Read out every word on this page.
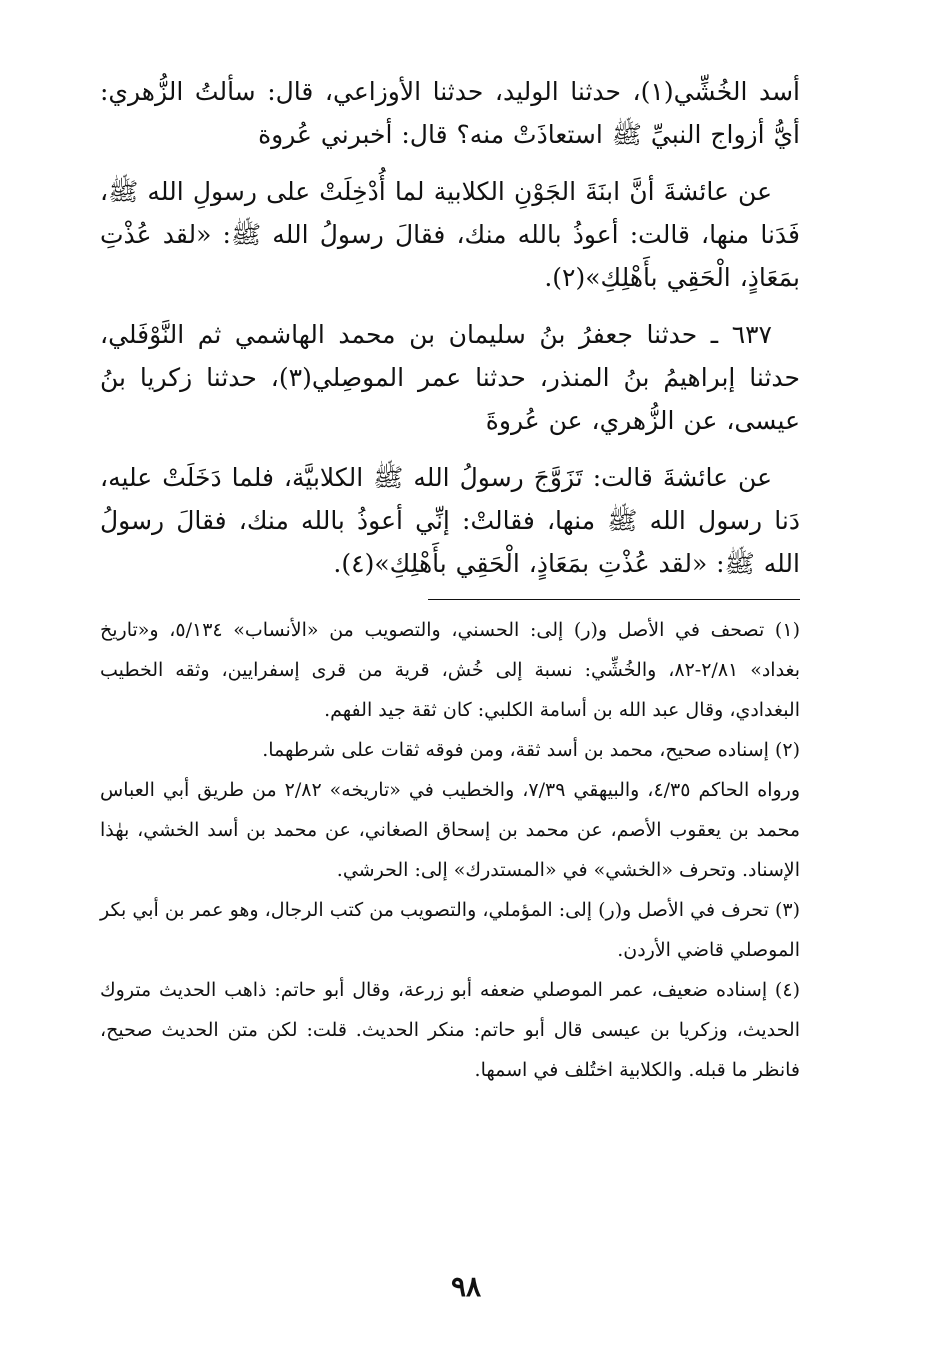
أسد الخُشِّي(١)، حدثنا الوليد، حدثنا الأوزاعي، قال: سألتُ الزُّهري: أيُّ أزواج النبيِّ ﷺ استعاذَتْ منه؟ قال: أخبرني عُروة

عن عائشةَ أنَّ ابنَةَ الجَوْنِ الكلابية لما أُدْخِلَتْ على رسولِ الله ﷺ، فَدَنا منها، قالت: أعوذُ بالله منك، فقالَ رسولُ الله ﷺ: «لقد عُذْتِ بمَعَاذٍ، الْحَقِي بأَهْلِكِ»(٢).

٦٣٧ ـ حدثنا جعفرُ بنُ سليمان بن محمد الهاشمي ثم النَّوْفَلي، حدثنا إبراهيمُ بنُ المنذر، حدثنا عمر الموصِلي(٣)، حدثنا زكريا بنُ عيسى، عن الزُّهري، عن عُروةَ

عن عائشةَ قالت: تَزَوَّجَ رسولُ الله ﷺ الكلابيَّة، فلما دَخَلَتْ عليه، دَنا رسول الله ﷺ منها، فقالتْ: إنِّي أعوذُ بالله منك، فقالَ رسولُ الله ﷺ: «لقد عُذْتِ بمَعَاذٍ، الْحَقِي بأَهْلِكِ»(٤).

(١) تصحف في الأصل و(ر) إلى: الحسني، والتصويب من «الأنساب» ٥/١٣٤، و«تاريخ بغداد» ٢/٨١-٨٢، والخُشِّي: نسبة إلى خُش، قرية من قرى إسفرايين، وثقه الخطيب البغدادي، وقال عبد الله بن أسامة الكلبي: كان ثقة جيد الفهم.

(٢) إسناده صحيح، محمد بن أسد ثقة، ومن فوقه ثقات على شرطهما.

ورواه الحاكم ٤/٣٥، والبيهقي ٧/٣٩، والخطيب في «تاريخه» ٢/٨٢ من طريق أبي العباس محمد بن يعقوب الأصم، عن محمد بن إسحاق الصغاني، عن محمد بن أسد الخشي، بهٰذا الإسناد. وتحرف «الخشي» في «المستدرك» إلى: الحرشي.

(٣) تحرف في الأصل و(ر) إلى: المؤملي، والتصويب من كتب الرجال، وهو عمر بن أبي بكر الموصلي قاضي الأردن.

(٤) إسناده ضعيف، عمر الموصلي ضعفه أبو زرعة، وقال أبو حاتم: ذاهب الحديث متروك الحديث، وزكريا بن عيسى قال أبو حاتم: منكر الحديث. قلت: لكن متن الحديث صحيح، فانظر ما قبله. والكلابية اختُلف في اسمها.

٩٨
